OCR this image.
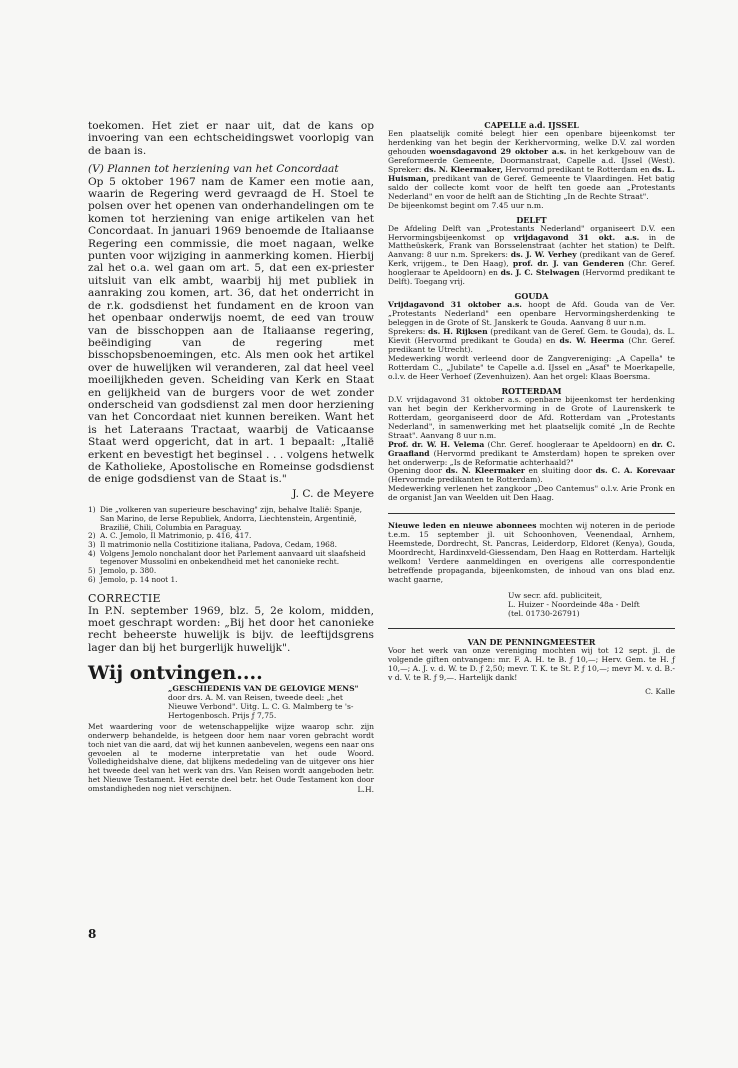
toekomen. Het ziet er naar uit, dat de kans op invoering van een echtscheidingswet voorlopig van de baan is.

(V) Plannen tot herziening van het Concordaat

Op 5 oktober 1967 nam de Kamer een motie aan, waarin de Regering werd gevraagd de H. Stoel te polsen over het openen van onderhandelingen om te komen tot herziening van enige artikelen van het Concordaat. In januari 1969 benoemde de Italiaanse Regering een commissie, die moet nagaan, welke punten voor wijziging in aanmerking komen. Hierbij zal het o.a. wel gaan om art. 5, dat een ex-priester uitsluit van elk ambt, waarbij hij met publiek in aanraking zou komen, art. 36, dat het onderricht in de r.k. godsdienst het fundament en de kroon van het openbaar onderwijs noemt, de eed van trouw van de bisschoppen aan de Italiaanse regering, beëindiging van de regering met bisschopsbenoemingen, etc. Als men ook het artikel over de huwelijken wil veranderen, zal dat heel veel moeilijkheden geven. Scheiding van Kerk en Staat en gelijkheid van de burgers voor de wet zonder onderscheid van godsdienst zal men door herziening van het Concordaat niet kunnen bereiken. Want het is het Lateraans Tractaat, waarbij de Vaticaanse Staat werd opgericht, dat in art. 1 bepaalt: „Italië erkent en bevestigt het beginsel . . . volgens hetwelk de Katholieke, Apostolische en Romeinse godsdienst de enige godsdienst van de Staat is."

J. C. de Meyere

1) Die „volkeren van superieure beschaving" zijn, behalve Italië: Spanje, San Marino, de Ierse Republiek, Andorra, Liechtenstein, Argentinië, Brazilië, Chili, Columbia en Paraguay.
2) A. C. Jemolo, Il Matrimonio, p. 416, 417.
3) Il matrimonio nella Costitizione italiana, Padova, Cedam, 1968.
4) Volgens Jemolo nonchalant door het Parlement aanvaard uit slaafsheid tegenover Mussolini en onbekendheid met het canonieke recht.
5) Jemolo, p. 380.
6) Jemolo, p. 14 noot 1.

CORRECTIE

In P.N. september 1969, blz. 5, 2e kolom, midden, moet geschrapt worden: „Bij het door het canonieke recht beheerste huwelijk is bijv. de leeftijdsgrens lager dan bij het burgerlijk huwelijk".

Wij ontvingen....

„GESCHIEDENIS VAN DE GELOVIGE MENS"

door drs. A. M. van Reisen, tweede deel: „het Nieuwe Verbond". Uitg. L. C. G. Malmberg te 's-Hertogenbosch. Prijs ƒ 7,75.

Met waardering voor de wetenschappelijke wijze waarop schr. zijn onderwerp behandelde, is hetgeen door hem naar voren gebracht wordt toch niet van die aard, dat wij het kunnen aanbevelen, wegens een naar ons gevoelen al te moderne interpretatie van het oude Woord. Volledigheidshalve diene, dat blijkens mededeling van de uitgever ons hier het tweede deel van het werk van drs. Van Reisen wordt aangeboden betr. het Nieuwe Testament. Het eerste deel betr. het Oude Testament kon door omstandigheden nog niet verschijnen.	L.H.

8

CAPELLE a.d. IJSSEL

Een plaatselijk comité belegt hier een openbare bijeenkomst ter herdenking van het begin der Kerkhervorming, welke D.V. zal worden gehouden woensdagavond 29 oktober a.s. in het kerkgebouw van de Gereformeerde Gemeente, Doormanstraat, Capelle a.d. IJssel (West). Spreker: ds. N. Kleermaker, Hervormd predikant te Rotterdam en ds. L. Huisman, predikant van de Geref. Gemeente te Vlaardingen. Het batig saldo der collecte komt voor de helft ten goede aan „Protestants Nederland" en voor de helft aan de Stichting „In de Rechte Straat".

De bijeenkomst begint om 7.45 uur n.m.

DELFT

De Afdeling Delft van „Protestants Nederland" organiseert D.V. een Hervormingsbijeenkomst op vrijdagavond 31 okt. a.s. in de Mattheüskerk, Frank van Borsselenstraat (achter het station) te Delft. Aanvang: 8 uur n.m. Sprekers: ds. J. W. Verhey (predikant van de Geref. Kerk, vrijgem., te Den Haag), prof. dr. J. van Genderen (Chr. Geref. hoogleraar te Apeldoorn) en ds. J. C. Stelwagen (Hervormd predikant te Delft). Toegang vrij.

GOUDA

Vrijdagavond 31 oktober a.s. hoopt de Afd. Gouda van de Ver. „Protestants Nederland" een openbare Hervormingsherdenking te beleggen in de Grote of St. Janskerk te Gouda. Aanvang 8 uur n.m.

Sprekers: ds. H. Rijksen (predikant van de Geref. Gem. te Gouda), ds. L. Kievit (Hervormd predikant te Gouda) en ds. W. Heerma (Chr. Geref. predikant te Utrecht).

Medewerking wordt verleend door de Zangvereniging: „A Capella" te Rotterdam C., „Jubilate" te Capelle a.d. IJssel en „Asaf" te Moerkapelle, o.l.v. de Heer Verhoef (Zevenhuizen). Aan het orgel: Klaas Boersma.

ROTTERDAM

D.V. vrijdagavond 31 oktober a.s. openbare bijeenkomst ter herdenking van het begin der Kerkhervorming in de Grote of Laurenskerk te Rotterdam, georganiseerd door de Afd. Rotterdam van „Protestants Nederland", in samenwerking met het plaatselijk comité „In de Rechte Straat". Aanvang 8 uur n.m.

Prof. dr. W. H. Velema (Chr. Geref. hoogleraar te Apeldoorn) en dr. C. Graafland (Hervormd predikant te Amsterdam) hopen te spreken over het onderwerp: „Is de Reformatie achterhaald?"

Opening door ds. N. Kleermaker en sluiting door ds. C. A. Korevaar (Hervormde predikanten te Rotterdam).

Medewerking verlenen het zangkoor „Deo Cantemus" o.l.v. Arie Pronk en de organist Jan van Weelden uit Den Haag.

Nieuwe leden en nieuwe abonnees mochten wij noteren in de periode t.e.m. 15 september jl. uit Schoonhoven, Veenendaal, Arnhem, Heemstede, Dordrecht, St. Pancras, Leiderdorp, Eldoret (Kenya), Gouda, Moordrecht, Hardinxveld-Giessendam, Den Haag en Rotterdam. Hartelijk welkom! Verdere aanmeldingen en overigens alle correspondentie betreffende propaganda, bijeenkomsten, de inhoud van ons blad enz. wacht gaarne,

Uw secr. afd. publiciteit,
L. Huizer - Noordeinde 48a - Delft
(tel. 01730-26791)

VAN DE PENNINGMEESTER

Voor het werk van onze vereniging mochten wij tot 12 sept. jl. de volgende giften ontvangen: mr. F. A. H. te B. ƒ 10,—; Herv. Gem. te H. ƒ 10,—; A. J. v. d. W. te D. ƒ 2,50; mevr. T. K. te St. P. ƒ 10,—; mevr M. v. d. B.-v d. V. te R. ƒ 9,—. Hartelijk dank!

C. Kalle
